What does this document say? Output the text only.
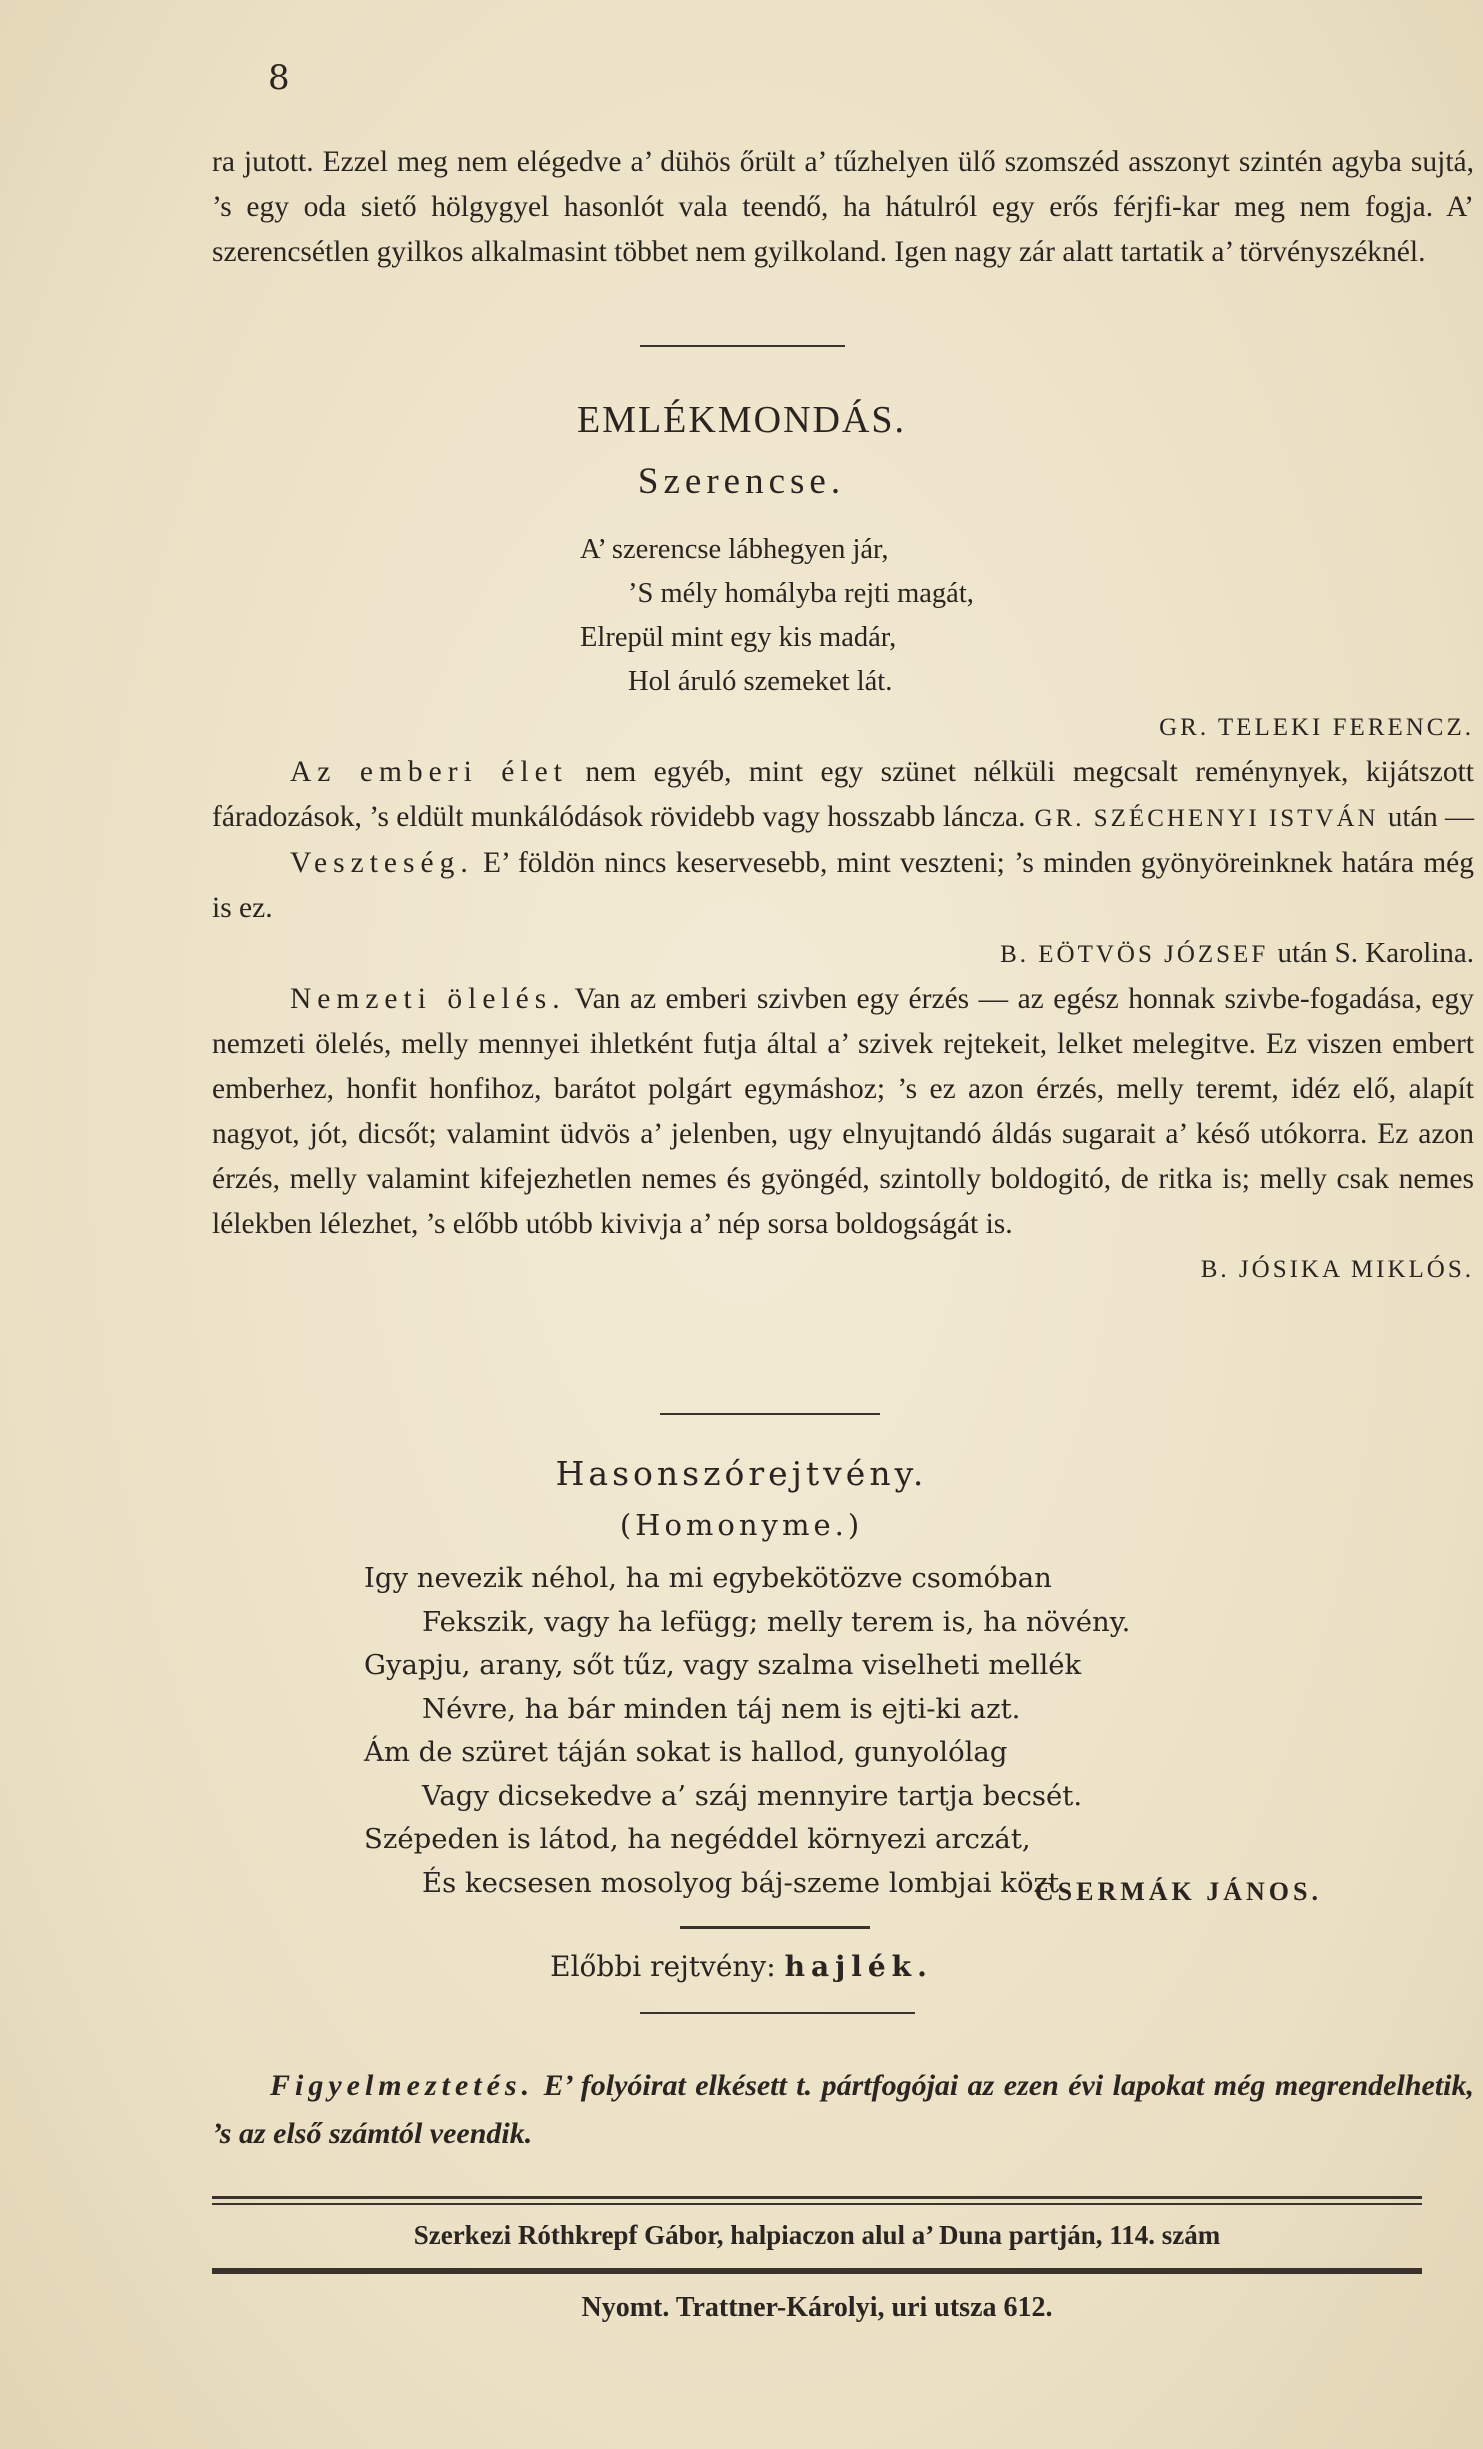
8

ra jutott. Ezzel meg nem elégedve a’ dühös őrült a’ tűzhelyen ülő szomszéd asszonyt szintén agyba sujtá, ’s egy oda siető hölgygyel hasonlót vala teendő, ha hátulról egy erős férjfi-kar meg nem fogja. A’ szerencsétlen gyilkos alkalmasint többet nem gyilkoland. Igen nagy zár alatt tartatik a’ törvényszéknél.

EMLÉKMONDÁS.
Szerencse.
A’ szerencse lábhegyen jár,
’S mély homályba rejti magát,
Elrepül mint egy kis madár,
Hol áruló szemeket lát.

GR. TELEKI FERENCZ.

Az emberi élet nem egyéb, mint egy szünet nélküli megcsalt reménynyek, kijátszott fáradozások, ’s eldült munkálódások rövidebb vagy hosszabb láncza. GR. SZÉCHENYI ISTVÁN után —

Veszteség. E’ földön nincs keservesebb, mint veszteni; ’s minden gyönyöreinknek határa még is ez.

B. EÖTVÖS JÓZSEF után S. Karolina.

Nemzeti ölelés. Van az emberi szivben egy érzés — az egész honnak szivbe-fogadása, egy nemzeti ölelés, melly mennyei ihletként futja által a’ szivek rejtekeit, lelket melegitve. Ez viszen embert emberhez, honfit honfihoz, barátot polgárt egymáshoz; ’s ez azon érzés, melly teremt, idéz elő, alapít nagyot, jót, dicsőt; valamint üdvös a’ jelenben, ugy elnyujtandó áldás sugarait a’ késő utókorra. Ez azon érzés, melly valamint kifejezhetlen nemes és gyöngéd, szintolly boldogitó, de ritka is; melly csak nemes lélekben lélezhet, ’s előbb utóbb kivivja a’ nép sorsa boldogságát is.

B. JÓSIKA MIKLÓS.

Hasonszórejtvény.
(Homonyme.)
Igy nevezik néhol, ha mi egybekötözve csomóban
Fekszik, vagy ha lefügg; melly terem is, ha növény.
Gyapju, arany, sőt tűz, vagy szalma viselheti mellék
Névre, ha bár minden táj nem is ejti-ki azt.
Ám de szüret táján sokat is hallod, gunyolólag
Vagy dicsekedve a’ száj mennyire tartja becsét.
Szépeden is látod, ha negéddel környezi arczát,
És kecsesen mosolyog báj-szeme lombjai közt.
CSERMÁK JÁNOS.
Előbbi rejtvény: hajlék.
Figyelmeztetés. E’ folyóirat elkésett t. pártfogójai az ezen évi lapokat még megrendelhetik, ’s az első számtól veendik.
Szerkezi Róthkrepf Gábor, halpiaczon alul a’ Duna partján, 114. szám
Nyomt. Trattner-Károlyi, uri utsza 612.
